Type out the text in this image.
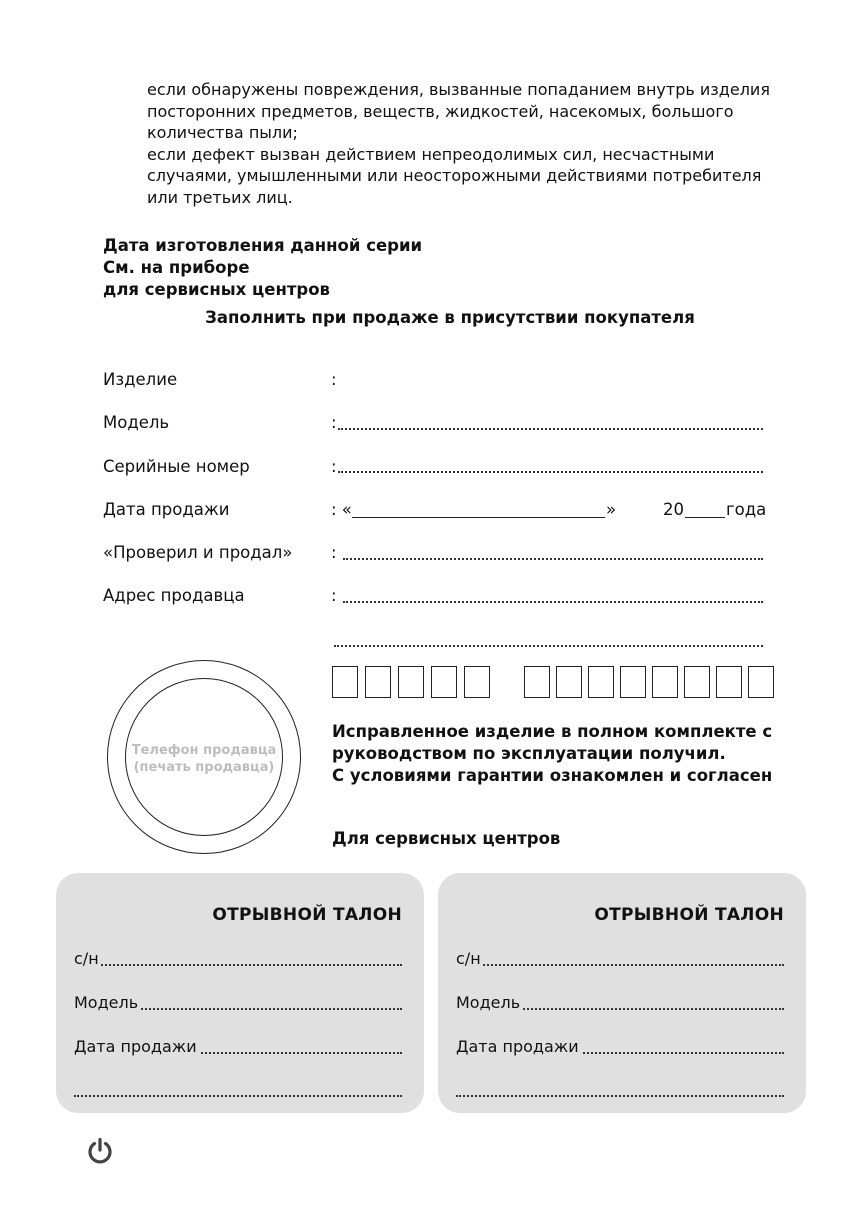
если обнаружены повреждения, вызванные попаданием внутрь изделия посторонних предметов, веществ, жидкостей, насекомых, большого количества пыли;

если дефект вызван действием непреодолимых сил, несчастными случаями, умышленными или неосторожными действиями потребителя или третьих лиц.

Дата изготовления данной серии
См. на приборе
для сервисных центров
Заполнить при продаже в присутствии покупателя
Изделие	:
Модель	:
Серийные номер	:
Дата продажи	: «	»	20	года
«Проверил и продал» :
Адрес продавца	:
Телефон продавца
(печать продавца)
Исправленное изделие в полном комплекте с
руководством по эксплуатации получил.
С условиями гарантии ознакомлен и согласен
Для сервисных центров
ОТРЫВНОЙ ТАЛОН
с/н
Модель
Дата продажи
ОТРЫВНОЙ ТАЛОН
с/н
Модель
Дата продажи
